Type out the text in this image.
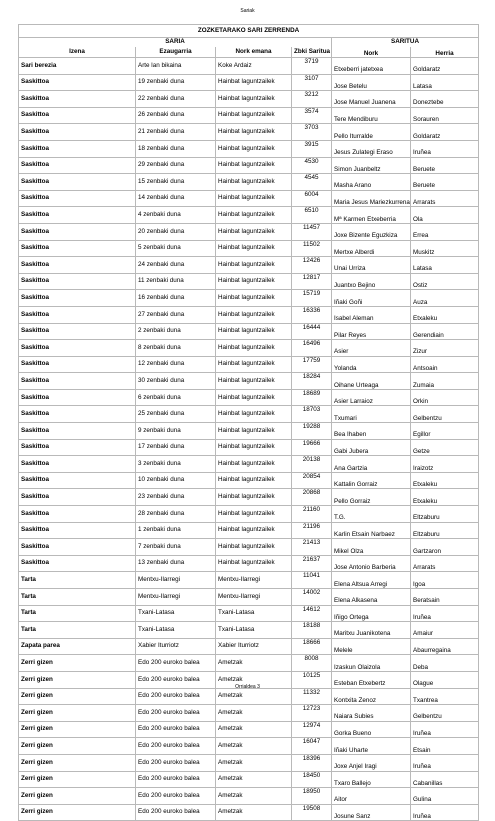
Sariak
ZOZKETARAKO SARI ZERRENDA					
SARIA				SARITUA	
Izena	Ezaugarria	Nork emana	Zbki Saritua	Nork	Herria
Sari berezia	Arte lan bikaina	Koke Ardaiz	3719	Etxeberri jatetxea	Goldaratz
Saskittoa	19 zenbaki duna	Hainbat laguntzailek	3107	Jose Betelu	Latasa
Saskittoa	22 zenbaki duna	Hainbat laguntzailek	3212	Jose Manuel Juanena	Doneztebe
Saskittoa	26 zenbaki duna	Hainbat laguntzailek	3574	Tere Mendiburu	Sorauren
Saskittoa	21 zenbaki duna	Hainbat laguntzailek	3703	Pello Iturralde	Goldaratz
Saskittoa	18 zenbaki duna	Hainbat laguntzailek	3915	Jesus Zulategi Eraso	Iruñea
Saskittoa	29 zenbaki duna	Hainbat laguntzailek	4530	Simon Juanbeltz	Beruete
Saskittoa	15 zenbaki duna	Hainbat laguntzailek	4545	Masha Arano	Beruete
Saskittoa	14 zenbaki duna	Hainbat laguntzailek	6004	Maria Jesus Mariezkurrena	Arrarats
Saskittoa	4 zenbaki duna	Hainbat laguntzailek	6510	Mª Karmen Etxeberria	Ola
Saskittoa	20 zenbaki duna	Hainbat laguntzailek	11457	Joxe Bizente Eguzkiza	Errea
Saskittoa	5 zenbaki duna	Hainbat laguntzailek	11502	Mertxe Alberdi	Muskitz
Saskittoa	24 zenbaki duna	Hainbat laguntzailek	12426	Unai Urriza	Latasa
Saskittoa	11 zenbaki duna	Hainbat laguntzailek	12817	Juantxo Bejino	Ostiz
Saskittoa	16 zenbaki duna	Hainbat laguntzailek	15719	Iñaki Goñi	Auza
Saskittoa	27 zenbaki duna	Hainbat laguntzailek	16336	Isabel Aleman	Etxaleku
Saskittoa	2 zenbaki duna	Hainbat laguntzailek	16444	Pilar Reyes	Gerendiain
Saskittoa	8 zenbaki duna	Hainbat laguntzailek	16496	Asier	Zizur
Saskittoa	12 zenbaki duna	Hainbat laguntzailek	17759	Yolanda	Antsoain
Saskittoa	30 zenbaki duna	Hainbat laguntzailek	18284	Oihane Urteaga	Zumaia
Saskittoa	6 zenbaki duna	Hainbat laguntzailek	18689	Asier Larraioz	Orkin
Saskittoa	25 zenbaki duna	Hainbat laguntzailek	18703	Txumari	Gelbentzu
Saskittoa	9 zenbaki duna	Hainbat laguntzailek	19288	Bea Ihaben	Egillor
Saskittoa	17 zenbaki duna	Hainbat laguntzailek	19666	Gabi Jubera	Getze
Saskittoa	3 zenbaki duna	Hainbat laguntzailek	20138	Ana Gartzia	Iraizotz
Saskittoa	10 zenbaki duna	Hainbat laguntzailek	20854	Kattalin Gorraiz	Etxaleku
Saskittoa	23 zenbaki duna	Hainbat laguntzailek	20868	Pello Gorraiz	Etxaleku
Saskittoa	28 zenbaki duna	Hainbat laguntzailek	21160	T.G.	Eltzaburu
Saskittoa	1 zenbaki duna	Hainbat laguntzailek	21196	Karlin Etsain Narbaez	Eltzaburu
Saskittoa	7 zenbaki duna	Hainbat laguntzailek	21413	Mikel Olza	Gartzaron
Saskittoa	13 zenbaki duna	Hainbat laguntzailek	21637	Jose Antonio Barberia	Arrarats
Tarta	Mentxu-Ilarregi	Mentxu-Ilarregi	11041	Elena Altsua Arregi	Igoa
Tarta	Mentxu-Ilarregi	Mentxu-Ilarregi	14002	Elena Alkasena	Beratsain
Tarta	Txani-Latasa	Txani-Latasa	14612	Iñigo Ortega	Iruñea
Tarta	Txani-Latasa	Txani-Latasa	18188	Maritxu Juanikotena	Amaiur
Zapata parea	Xabier Iturriotz	Xabier Iturriotz	18666	Melele	Abaurregaina
Zerri gizen	Edo 200 euroko balea	Ametzak	8008	Izaskun Olaizola	Deba
Zerri gizen	Edo 200 euroko balea	Ametzak	10125	Esteban Etxebertz	Olague
Zerri gizen	Edo 200 euroko balea	Ametzak	11332	Kontxita Zenoz	Txantrea
Zerri gizen	Edo 200 euroko balea	Ametzak	12723	Naiara Subies	Gelbentzu
Zerri gizen	Edo 200 euroko balea	Ametzak	12974	Gorka Bueno	Iruñea
Zerri gizen	Edo 200 euroko balea	Ametzak	16047	Iñaki Uharte	Etsain
Zerri gizen	Edo 200 euroko balea	Ametzak	18396	Joxe Anjel Iragi	Iruñea
Zerri gizen	Edo 200 euroko balea	Ametzak	18450	Txaro Ballejo	Cabanillas
Zerri gizen	Edo 200 euroko balea	Ametzak	18950	Aitor	Gulina
Zerri gizen	Edo 200 euroko balea	Ametzak	19508	Josune Sanz	Iruñea
Orrialdea 3
